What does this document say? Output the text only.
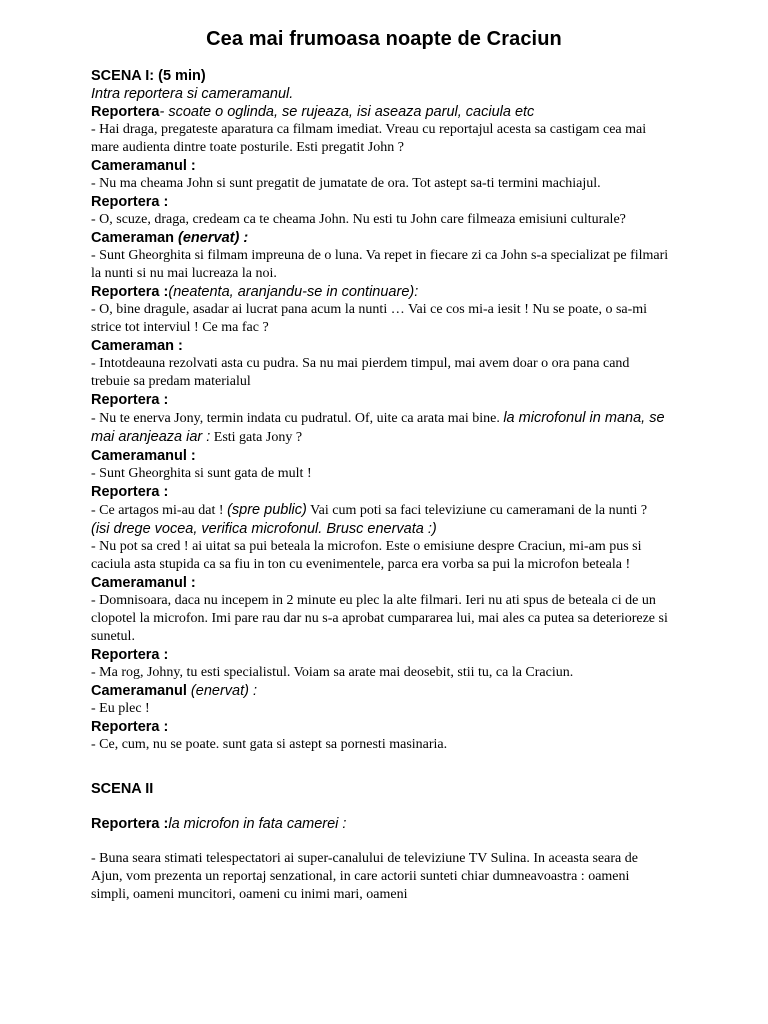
Cea mai frumoasa noapte de Craciun
SCENA I: (5 min)
Intra reportera si cameramanul.
Reportera- scoate o oglinda, se rujeaza, isi aseaza parul, caciula etc
- Hai draga, pregateste aparatura ca filmam imediat. Vreau cu reportajul acesta sa castigam cea mai mare audienta dintre toate posturile. Esti pregatit John ?
Cameramanul :
- Nu ma cheama John si sunt pregatit de jumatate de ora. Tot astept sa-ti termini machiajul.
Reportera :
- O, scuze, draga, credeam ca te cheama John. Nu esti tu John care filmeaza emisiuni culturale?
Cameraman (enervat) :
- Sunt Gheorghita si filmam impreuna de o luna. Va repet in fiecare zi ca John s-a specializat pe filmari la nunti si nu mai lucreaza la noi.
Reportera :(neatenta, aranjandu-se in continuare):
- O, bine dragule, asadar ai lucrat pana acum la nunti … Vai ce cos mi-a iesit ! Nu se poate, o sa-mi strice tot interviul ! Ce ma fac ?
Cameraman :
- Intotdeauna rezolvati asta cu pudra. Sa nu mai pierdem timpul, mai avem doar o ora pana cand trebuie sa predam materialul
Reportera :
- Nu te enerva Jony, termin indata cu pudratul. Of, uite ca arata mai bine. la microfonul in mana, se mai aranjeaza iar : Esti gata Jony ?
Cameramanul :
- Sunt Gheorghita si sunt gata de mult !
Reportera :
- Ce artagos mi-au dat ! (spre public) Vai cum poti sa faci televiziune cu cameramani de la nunti ?
(isi drege vocea, verifica microfonul. Brusc enervata :)
- Nu pot sa cred ! ai uitat sa pui beteala la microfon. Este o emisiune despre Craciun, mi-am pus si caciula asta stupida ca sa fiu in ton cu evenimentele, parca era vorba sa pui la microfon beteala !
Cameramanul :
- Domnisoara, daca nu incepem in 2 minute eu plec la alte filmari. Ieri nu ati spus de beteala ci de un clopotel la microfon. Imi pare rau dar nu s-a aprobat cumpararea lui, mai ales ca putea sa deterioreze si sunetul.
Reportera :
- Ma rog, Johny, tu esti specialistul. Voiam sa arate mai deosebit, stii tu, ca la Craciun.
Cameramanul (enervat) :
- Eu plec !
Reportera :
- Ce, cum, nu se poate. sunt gata si astept sa pornesti masinaria.
SCENA II
Reportera :la microfon in fata camerei :
- Buna seara stimati telespectatori ai super-canalului de televiziune TV Sulina. In aceasta seara de Ajun, vom prezenta un reportaj senzational, in care actorii sunteti chiar dumneavoastra : oameni simpli, oameni muncitori, oameni cu inimi mari, oameni
